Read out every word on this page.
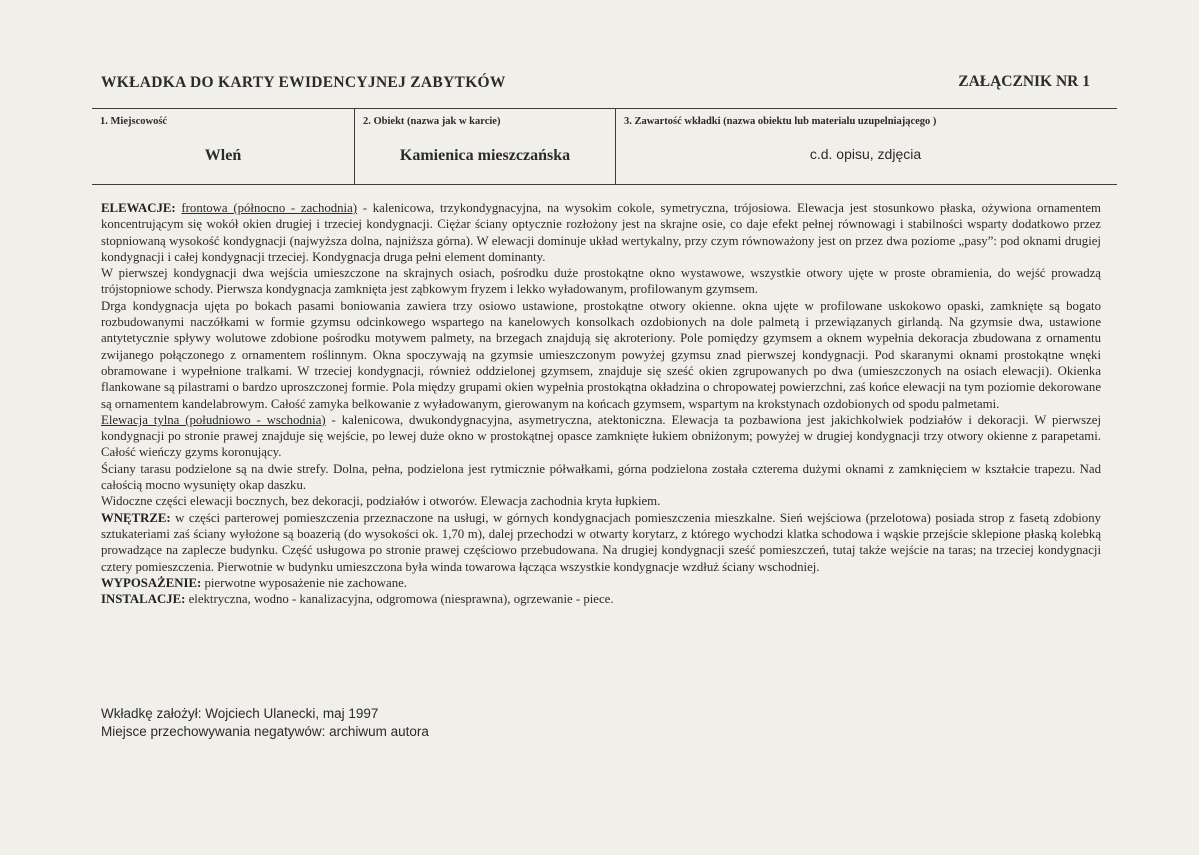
WKŁADKA DO KARTY EWIDENCYJNEJ ZABYTKÓW	ZAŁĄCZNIK NR 1
1. Miejscowość
Wleń
2. Obiekt (nazwa jak w karcie)
Kamienica mieszczańska
3. Zawartość wkładki (nazwa obiektu lub materialu uzupelniającego )
c.d. opisu, zdjęcia

ELEWACJE: frontowa (północno - zachodnia) - kalenicowa, trzykondygnacyjna, na wysokim cokole, symetryczna, trójosiowa. Elewacja jest stosunkowo płaska, ożywiona ornamentem koncentrującym się wokół okien drugiej i trzeciej kondygnacji. Ciężar ściany optycznie rozłożony jest na skrajne osie, co daje efekt pełnej równowagi i stabilności wsparty dodatkowo przez stopniowaną wysokość kondygnacji (najwyższa dolna, najniższa górna). W elewacji dominuje układ wertykalny, przy czym równoważony jest on przez dwa poziome „pasy”: pod oknami drugiej kondygnacji i całej kondygnacji trzeciej. Kondygnacja druga pełni element dominanty.

W pierwszej kondygnacji dwa wejścia umieszczone na skrajnych osiach, pośrodku duże prostokątne okno wystawowe, wszystkie otwory ujęte w proste obramienia, do wejść prowadzą trójstopniowe schody. Pierwsza kondygnacja zamknięta jest ząbkowym fryzem i lekko wyładowanym, profilowanym gzymsem.

Drga kondygnacja ujęta po bokach pasami boniowania zawiera trzy osiowo ustawione, prostokątne otwory okienne. okna ujęte w profilowane uskokowo opaski, zamknięte są bogato rozbudowanymi naczółkami w formie gzymsu odcinkowego wspartego na kanelowych konsolkach ozdobionych na dole palmetą i przewiązanych girlandą. Na gzymsie dwa, ustawione antytetycznie spływy wolutowe zdobione pośrodku motywem palmety, na brzegach znajdują się akroteriony. Pole pomiędzy gzymsem a oknem wypełnia dekoracja zbudowana z ornamentu zwijanego połączonego z ornamentem roślinnym. Okna spoczywają na gzymsie umieszczonym powyżej gzymsu znad pierwszej kondygnacji. Pod skaranymi oknami prostokątne wnęki obramowane i wypełnione tralkami. W trzeciej kondygnacji, również oddzielonej gzymsem, znajduje się sześć okien zgrupowanych po dwa (umieszczonych na osiach elewacji). Okienka flankowane są pilastrami o bardzo uproszczonej formie. Pola między grupami okien wypełnia prostokątna okładzina o chropowatej powierzchni, zaś końce elewacji na tym poziomie dekorowane są ornamentem kandelabrowym. Całość zamyka belkowanie z wyładowanym, gierowanym na końcach gzymsem, wspartym na krokstynach ozdobionych od spodu palmetami.

Elewacja tylna (południowo - wschodnia) - kalenicowa, dwukondygnacyjna, asymetryczna, atektoniczna. Elewacja ta pozbawiona jest jakichkolwiek podziałów i dekoracji. W pierwszej kondygnacji po stronie prawej znajduje się wejście, po lewej duże okno w prostokątnej opasce zamknięte łukiem obniżonym; powyżej w drugiej kondygnacji trzy otwory okienne z parapetami. Całość wieńczy gzyms koronujący.

Ściany tarasu podzielone są na dwie strefy. Dolna, pełna, podzielona jest rytmicznie półwałkami, górna podzielona została czterema dużymi oknami z zamknięciem w kształcie trapezu. Nad całością mocno wysunięty okap daszku.

Widoczne części elewacji bocznych, bez dekoracji, podziałów i otworów. Elewacja zachodnia kryta łupkiem.

WNĘTRZE: w części parterowej pomieszczenia przeznaczone na usługi, w górnych kondygnacjach pomieszczenia mieszkalne. Sień wejściowa (przelotowa) posiada strop z fasetą zdobiony sztukateriami zaś ściany wyłożone są boazerią (do wysokości ok. 1,70 m), dalej przechodzi w otwarty korytarz, z którego wychodzi klatka schodowa i wąskie przejście sklepione płaską kolebką prowadzące na zaplecze budynku. Część usługowa po stronie prawej częściowo przebudowana. Na drugiej kondygnacji sześć pomieszczeń, tutaj także wejście na taras; na trzeciej kondygnacji cztery pomieszczenia. Pierwotnie w budynku umieszczona była winda towarowa łącząca wszystkie kondygnacje wzdłuż ściany wschodniej.

WYPOSAŻENIE: pierwotne wyposażenie nie zachowane.

INSTALACJE: elektryczna, wodno - kanalizacyjna, odgromowa (niesprawna), ogrzewanie - piece.

Wkładkę założył: Wojciech Ulanecki, maj 1997
Miejsce przechowywania negatywów: archiwum autora
